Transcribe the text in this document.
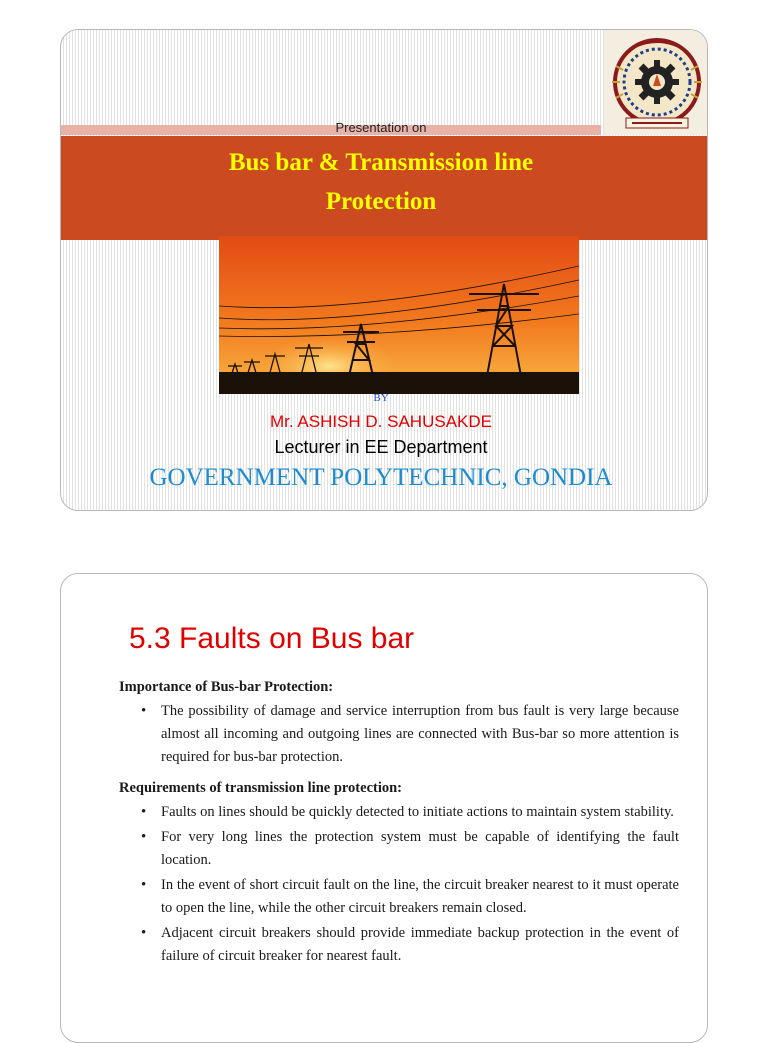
Presentation on
Bus bar & Transmission line
Protection
BY
Mr. ASHISH D. SAHUSAKDE
Lecturer in EE Department
GOVERNMENT POLYTECHNIC, GONDIA
5.3 Faults on Bus bar
Importance of Bus-bar Protection:
• The possibility of damage and service interruption from bus fault is very large because almost all incoming and outgoing lines are connected with Bus-bar so more attention is required for bus-bar protection.
Requirements of transmission line protection:
• Faults on lines should be quickly detected to initiate actions to maintain system stability.
• For very long lines the protection system must be capable of identifying the fault location.
• In the event of short circuit fault on the line, the circuit breaker nearest to it must operate to open the line, while the other circuit breakers remain closed.
• Adjacent circuit breakers should provide immediate backup protection in the event of failure of circuit breaker for nearest fault.
